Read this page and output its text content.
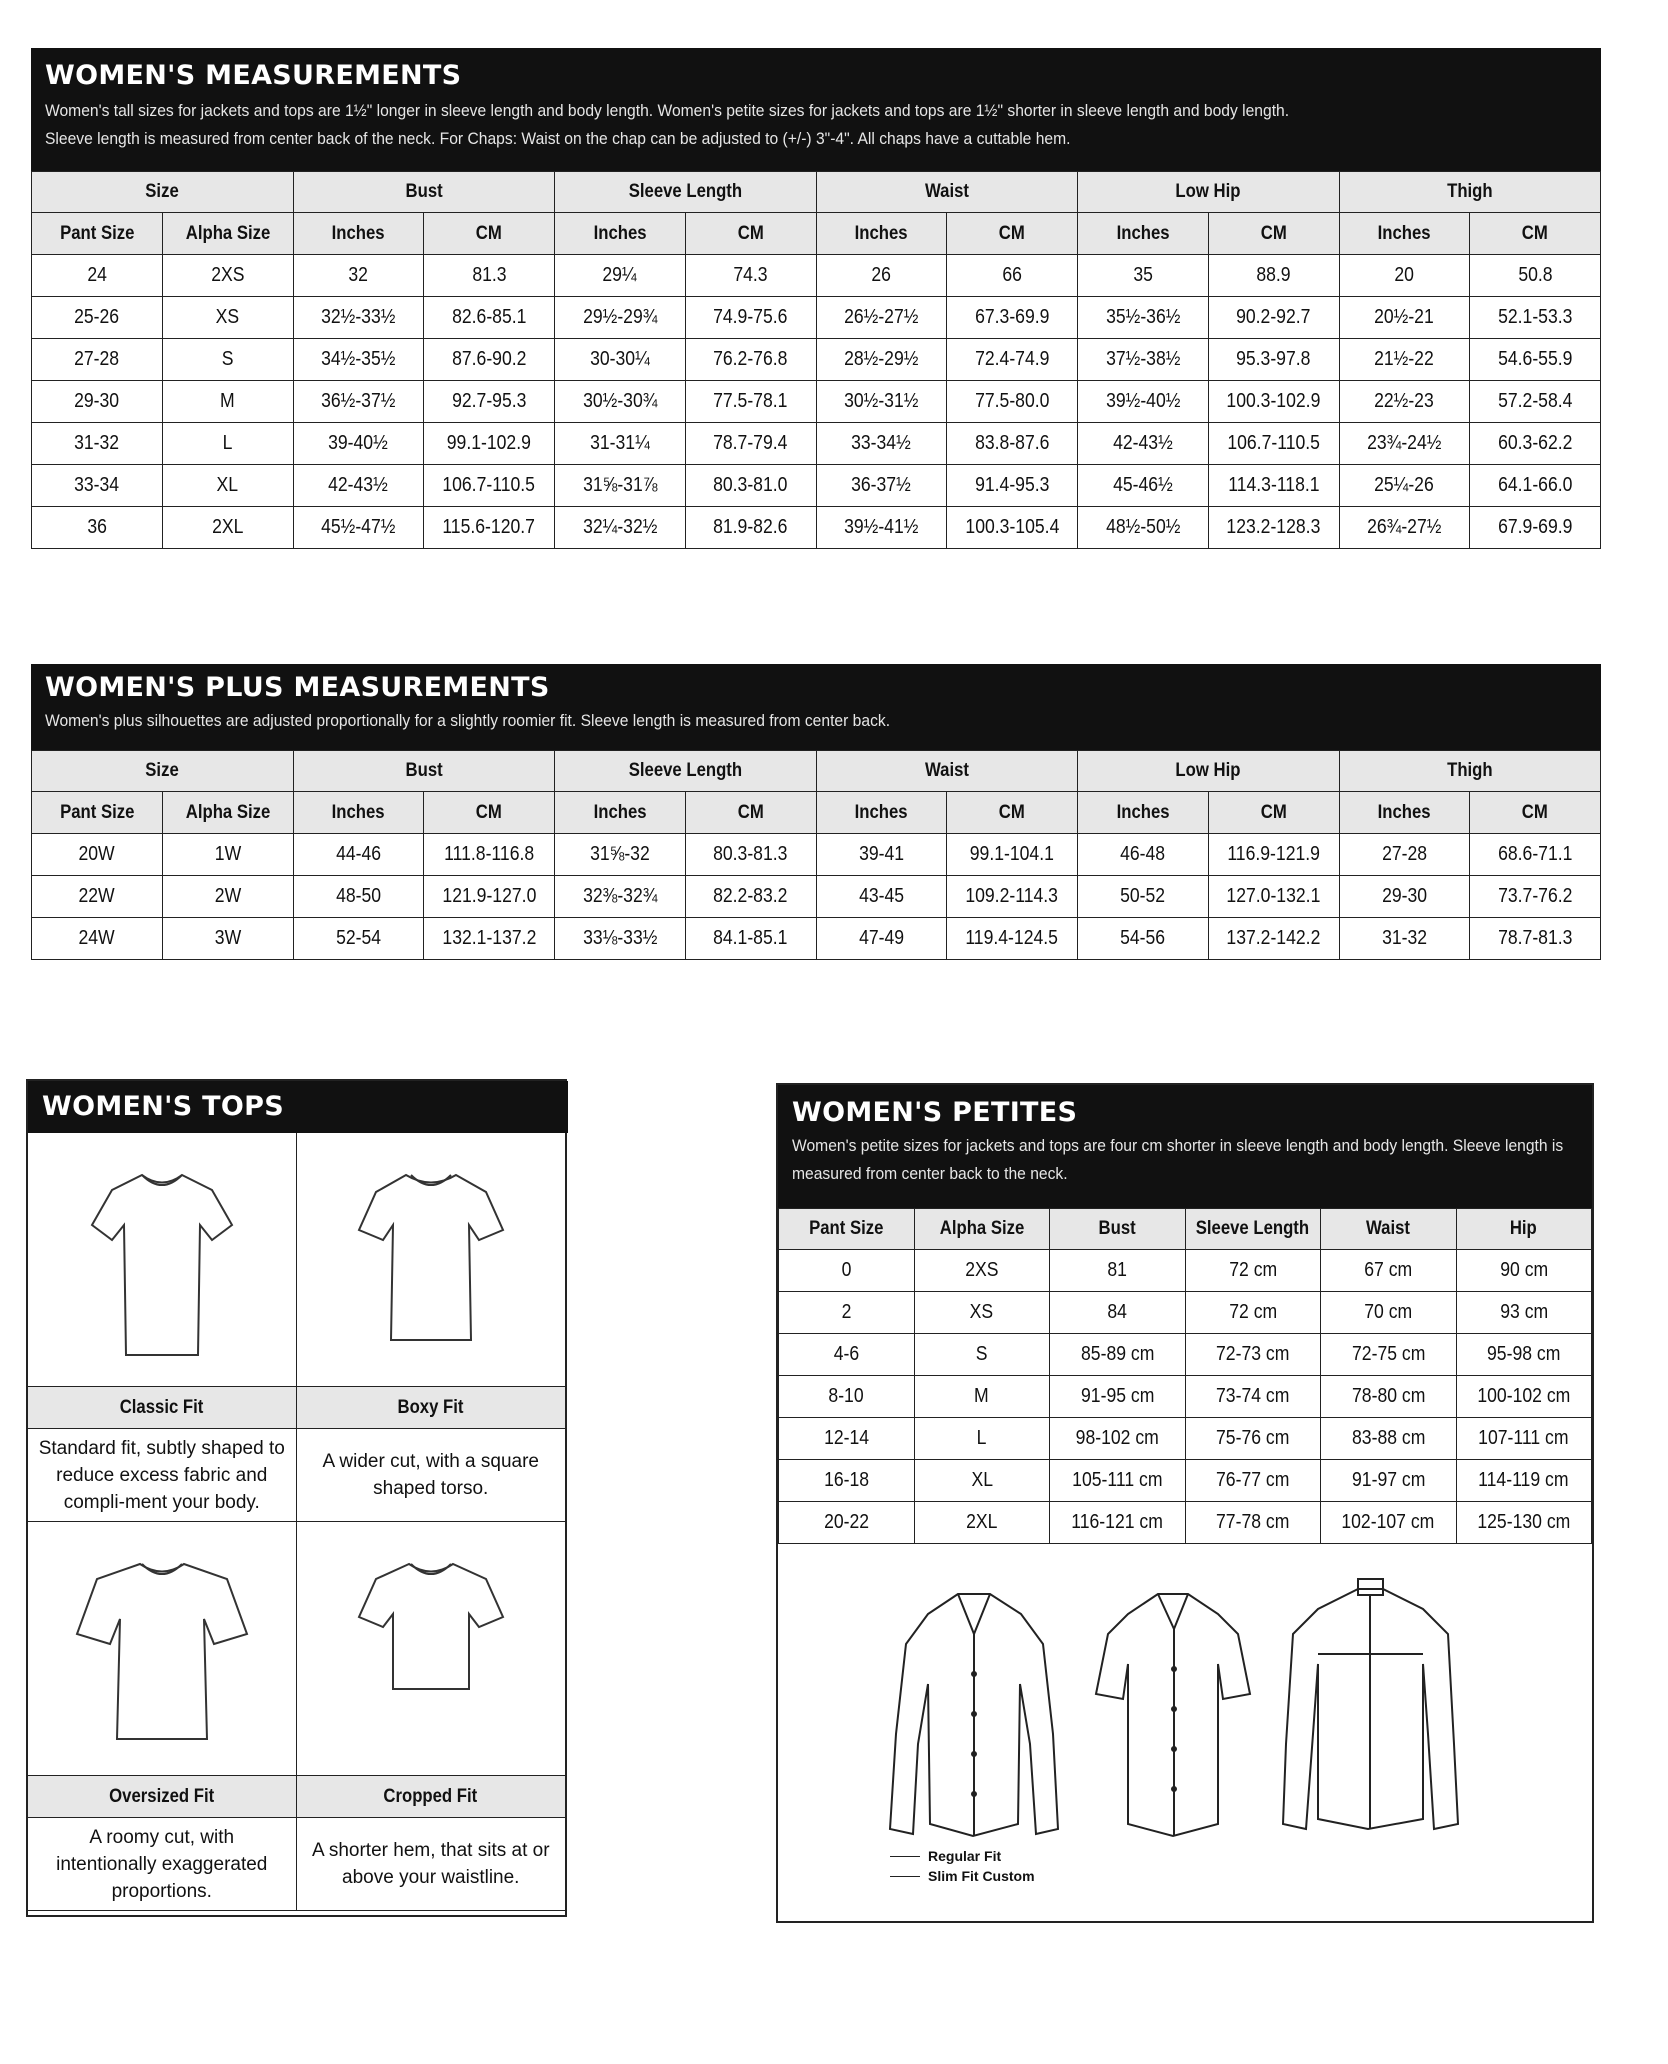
WOMEN'S MEASUREMENTS

Women's tall sizes for jackets and tops are 1½" longer in sleeve length and body length. Women's petite sizes for jackets and tops are 1½" shorter in sleeve length and body length.

Sleeve length is measured from center back of the neck. For Chaps: Waist on the chap can be adjusted to (+/-) 3"-4". All chaps have a cuttable hem.

Size		Bust		Sleeve Length		Waist		Low Hip		Thigh	
Pant Size	Alpha Size	Inches	CM	Inches	CM	Inches	CM	Inches	CM	Inches	CM
24	2XS	32	81.3	29¼	74.3	26	66	35	88.9	20	50.8
25-26	XS	32½-33½	82.6-85.1	29½-29¾	74.9-75.6	26½-27½	67.3-69.9	35½-36½	90.2-92.7	20½-21	52.1-53.3
27-28	S	34½-35½	87.6-90.2	30-30¼	76.2-76.8	28½-29½	72.4-74.9	37½-38½	95.3-97.8	21½-22	54.6-55.9
29-30	M	36½-37½	92.7-95.3	30½-30¾	77.5-78.1	30½-31½	77.5-80.0	39½-40½	100.3-102.9	22½-23	57.2-58.4
31-32	L	39-40½	99.1-102.9	31-31¼	78.7-79.4	33-34½	83.8-87.6	42-43½	106.7-110.5	23¾-24½	60.3-62.2
33-34	XL	42-43½	106.7-110.5	31⅝-31⅞	80.3-81.0	36-37½	91.4-95.3	45-46½	114.3-118.1	25¼-26	64.1-66.0
36	2XL	45½-47½	115.6-120.7	32¼-32½	81.9-82.6	39½-41½	100.3-105.4	48½-50½	123.2-128.3	26¾-27½	67.9-69.9
WOMEN'S PLUS MEASUREMENTS

Women's plus silhouettes are adjusted proportionally for a slightly roomier fit. Sleeve length is measured from center back.

Size		Bust		Sleeve Length		Waist		Low Hip		Thigh	
Pant Size	Alpha Size	Inches	CM	Inches	CM	Inches	CM	Inches	CM	Inches	CM
20W	1W	44-46	111.8-116.8	31⅝-32	80.3-81.3	39-41	99.1-104.1	46-48	116.9-121.9	27-28	68.6-71.1
22W	2W	48-50	121.9-127.0	32⅜-32¾	82.2-83.2	43-45	109.2-114.3	50-52	127.0-132.1	29-30	73.7-76.2
24W	3W	52-54	132.1-137.2	33⅛-33½	84.1-85.1	47-49	119.4-124.5	54-56	137.2-142.2	31-32	78.7-81.3
WOMEN'S TOPS
Classic Fit
Standard fit, subtly shaped to reduce excess fabric and compli-ment your body.
Boxy Fit
A wider cut, with a square shaped torso.
Oversized Fit
A roomy cut, with intentionally exaggerated proportions.
Cropped Fit
A shorter hem, that sits at or above your waistline.
WOMEN'S PETITES

Women's petite sizes for jackets and tops are four cm shorter in sleeve length and body length. Sleeve length is measured from center back to the neck.

Pant Size	Alpha Size	Bust	Sleeve Length	Waist	Hip
0	2XS	81	72 cm	67 cm	90 cm
2	XS	84	72 cm	70 cm	93 cm
4-6	S	85-89 cm	72-73 cm	72-75 cm	95-98 cm
8-10	M	91-95 cm	73-74 cm	78-80 cm	100-102 cm
12-14	L	98-102 cm	75-76 cm	83-88 cm	107-111 cm
16-18	XL	105-111 cm	76-77 cm	91-97 cm	114-119 cm
20-22	2XL	116-121 cm	77-78 cm	102-107 cm	125-130 cm
Regular Fit
Slim Fit Custom
